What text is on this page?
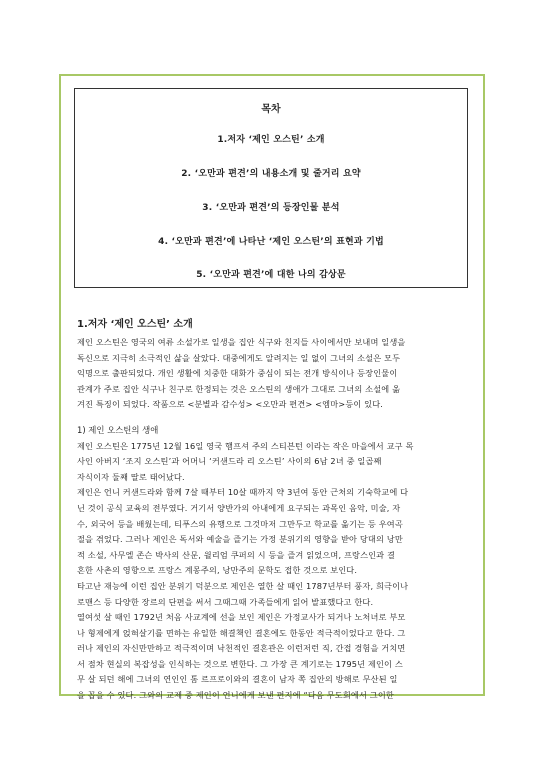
목차
1.저자 ‘제인 오스틴’ 소개
2. ‘오만과 편견’의 내용소개 및 줄거리 요약
3. ‘오만과 편견’의 등장인물 분석
4. ‘오만과 편견’에 나타난 ‘제인 오스틴’의 표현과 기법
5. ‘오만과 편견’에 대한 나의 감상문
1.저자 ‘제인 오스틴’ 소개

제인 오스틴은 영국의 여류 소설가로 일생을 집안 식구와 친지들 사이에서만 보내며 일생을
독신으로 지극히 소극적인 삶을 살았다. 대중에게도 알려지는 일 없이 그녀의 소설은 모두
익명으로 출판되었다. 개인 생활에 치중한 대화가 중심이 되는 전개 방식이나 등장인물이
관계가 주로 집안 식구나 친구로 한정되는 것은 오스틴의 생애가 그대로 그녀의 소설에 옮
겨진 특징이 되었다. 작품으로 <분별과 감수성> <오만과 편견> <엠마>등이 있다.

1) 제인 오스틴의 생애

제인 오스틴은 1775년 12월 16일 영국 햄프셔 주의 스티븐턴 이라는 작은 마을에서 교구 목
사인 아버지 ‘조지 오스틴’과 어머니 ‘커샌드라 리 오스틴’ 사이의 6남 2녀 중 일곱째
자식이자 둘째 딸로 태어났다.
제인은 언니 커샌드라와 함께 7살 때부터 10살 때까지 약 3년여 동안 근처의 기숙학교에 다
닌 것이 공식 교육의 전부였다. 거기서 양반가의 아내에게 요구되는 과목인 음악, 미술, 자
수, 외국어 등을 배웠는데, 티푸스의 유행으로 그것마저 그만두고 학교를 옮기는 등 우여곡
절을 겪었다. 그러나 제인은 독서와 예술을 즐기는 가정 분위기의 영향을 받아 당대의 낭만
적 소설, 사무엘 존슨 박사의 산문, 윌리엄 쿠퍼의 시 등을 즐겨 읽었으며, 프랑스인과 결
혼한 사촌의 영향으로 프랑스 계몽주의, 낭만주의 문학도 접한 것으로 보인다.
타고난 재능에 이런 집안 분위기 덕분으로 제인은 열한 살 때인 1787년부터 풍자, 희극이나
로맨스 등 다양한 장르의 단편을 써서 그때그때 가족들에게 읽어 발표했다고 한다.
열여섯 살 때인 1792년 처음 사교계에 선을 보인 제인은 가정교사가 되거나 노처녀로 부모
나 형제에게 얹혀살기를 면하는 유일한 해결책인 결혼에도 한동안 적극적이었다고 한다. 그
러나 제인의 자신만만하고 적극적이며 낙천적인 결혼관은 이런저런 직, 간접 경험을 거치면
서 점차 현실의 복잡성을 인식하는 것으로 변한다. 그 가장 큰 계기로는 1795년 제인이 스
무 살 되던 해에 그녀의 연인인 톰 르프로이와의 결혼이 남자 쪽 집안의 방해로 무산된 일
을 꼽을 수 있다. 그와의 교제 중 제인이 언니에게 보낸 편지에 “다음 무도회에서 그이한
